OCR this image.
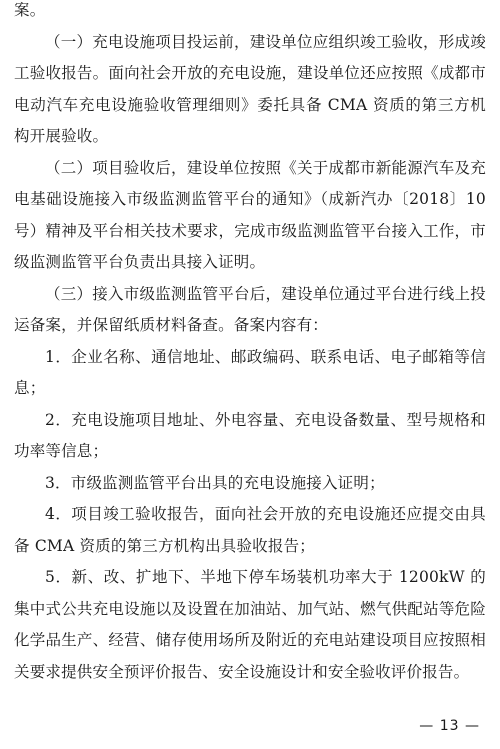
案。

（一）充电设施项目投运前，建设单位应组织竣工验收，形成竣工验收报告。面向社会开放的充电设施，建设单位还应按照《成都市电动汽车充电设施验收管理细则》委托具备 CMA 资质的第三方机构开展验收。

（二）项目验收后，建设单位按照《关于成都市新能源汽车及充电基础设施接入市级监测监管平台的通知》（成新汽办〔2018〕10 号）精神及平台相关技术要求，完成市级监测监管平台接入工作，市级监测监管平台负责出具接入证明。

（三）接入市级监测监管平台后，建设单位通过平台进行线上投运备案，并保留纸质材料备查。备案内容有：

1．企业名称、通信地址、邮政编码、联系电话、电子邮箱等信息；

2．充电设施项目地址、外电容量、充电设备数量、型号规格和功率等信息；

3．市级监测监管平台出具的充电设施接入证明；

4．项目竣工验收报告，面向社会开放的充电设施还应提交由具备 CMA 资质的第三方机构出具验收报告；

5．新、改、扩地下、半地下停车场装机功率大于 1200kW 的集中式公共充电设施以及设置在加油站、加气站、燃气供配站等危险化学品生产、经营、储存使用场所及附近的充电站建设项目应按照相关要求提供安全预评价报告、安全设施设计和安全验收评价报告。

— 13 —
